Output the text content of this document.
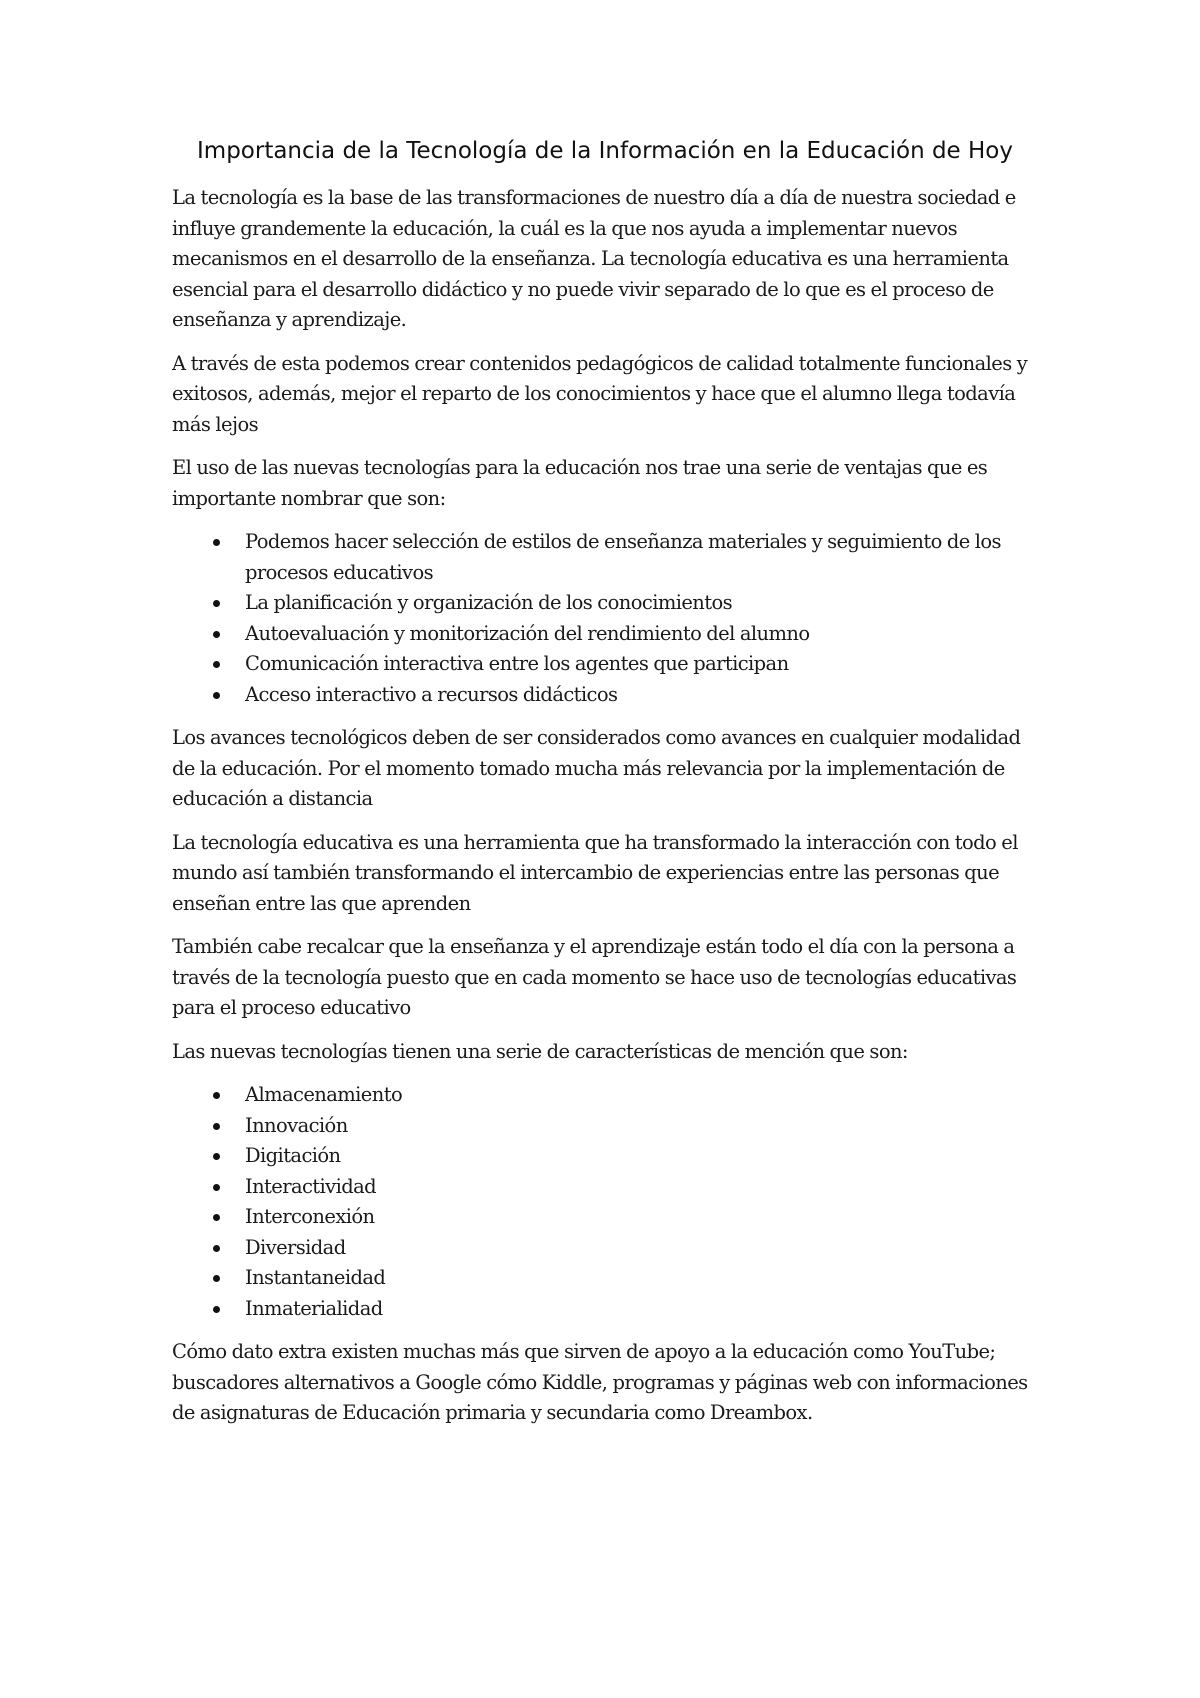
Importancia de la Tecnología de la Información en la Educación de Hoy

La tecnología es la base de las transformaciones de nuestro día a día de nuestra sociedad e influye grandemente la educación, la cuál es la que nos ayuda a implementar nuevos mecanismos en el desarrollo de la enseñanza. La tecnología educativa es una herramienta esencial para el desarrollo didáctico y no puede vivir separado de lo que es el proceso de enseñanza y aprendizaje.

A través de esta podemos crear contenidos pedagógicos de calidad totalmente funcionales y exitosos, además, mejor el reparto de los conocimientos y hace que el alumno llega todavía más lejos

El uso de las nuevas tecnologías para la educación nos trae una serie de ventajas que es importante nombrar que son:

Podemos hacer selección de estilos de enseñanza materiales y seguimiento de los procesos educativos
La planificación y organización de los conocimientos
Autoevaluación y monitorización del rendimiento del alumno
Comunicación interactiva entre los agentes que participan
Acceso interactivo a recursos didácticos

Los avances tecnológicos deben de ser considerados como avances en cualquier modalidad de la educación. Por el momento tomado mucha más relevancia por la implementación de educación a distancia

La tecnología educativa es una herramienta que ha transformado la interacción con todo el mundo así también transformando el intercambio de experiencias entre las personas que enseñan entre las que aprenden

También cabe recalcar que la enseñanza y el aprendizaje están todo el día con la persona a través de la tecnología puesto que en cada momento se hace uso de tecnologías educativas para el proceso educativo

Las nuevas tecnologías tienen una serie de características de mención que son:

Almacenamiento
Innovación
Digitación
Interactividad
Interconexión
Diversidad
Instantaneidad
Inmaterialidad

Cómo dato extra existen muchas más que sirven de apoyo a la educación como YouTube; buscadores alternativos a Google cómo Kiddle, programas y páginas web con informaciones de asignaturas de Educación primaria y secundaria como Dreambox.
